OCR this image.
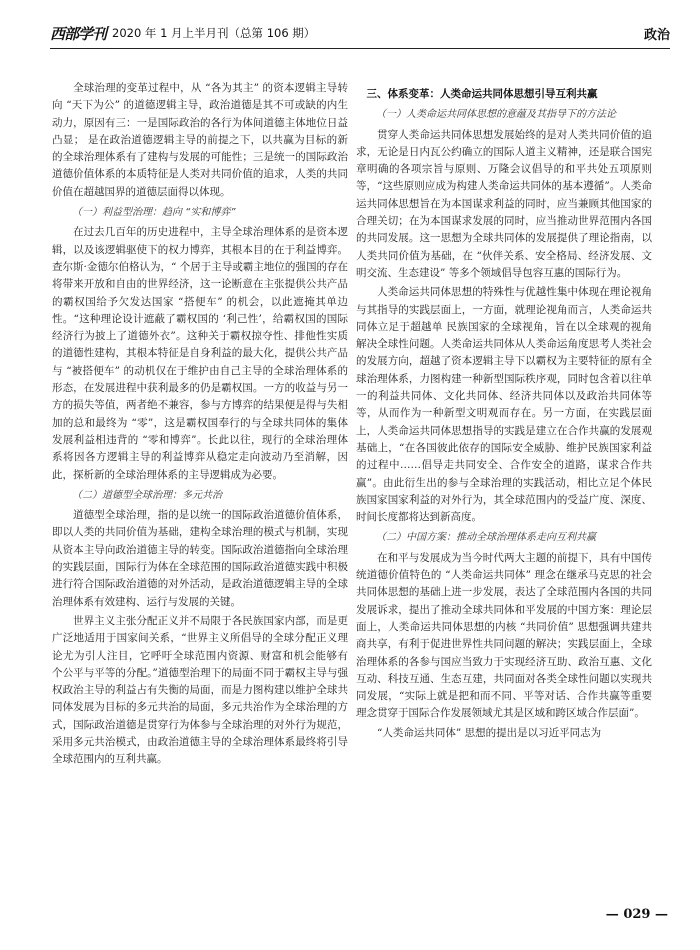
西部学刊 2020 年 1 月上半月刊（总第 106 期）	政治

全球治理的变革过程中，从 “各为其主” 的资本逻辑主导转向 “天下为公” 的道德逻辑主导，政治道德是其不可或缺的内生动力，原因有三：一是国际政治的各行为体间道德主体地位日益凸显； 是在政治道德逻辑主导的前提之下，以共赢为目标的新的全球治理体系有了建构与发展的可能性；三是统一的国际政治道德价值体系的本质特征是人类对共同价值的追求，人类的共同价值在超越国界的道德层面得以体现。

（一）利益型治理：趋向 “实和博弈”

在过去几百年的历史进程中，主导全球治理体系的是资本逻辑，以及该逻辑驱使下的权力博弈，其根本目的在于利益博弈。查尔斯·金德尔伯格认为，“ 个居于主导或霸主地位的强国的存在将带来开放和自由的世界经济，这一论断意在主张提供公共产品的霸权国给予欠发达国家 “搭便车” 的机会，以此遮掩其单边性。“这种理论设计遮蔽了霸权国的 ‘利己性’，给霸权国的国际经济行为披上了道德外衣”。这种关于霸权掠夺性、排他性实质的道德性建构，其根本特征是自身利益的最大化，提供公共产品与 “被搭便车” 的动机仅在于维护由自己主导的全球治理体系的形态，在发展进程中获利最多的仍是霸权国。一方的收益与另一方的损失等值，两者绝不兼容，参与方博弈的结果便是得与失相加的总和最终为 “零”，这是霸权国奉行的与全球共同体的集体发展利益相违背的 “零和博弈”。长此以往，现行的全球治理体系将因各方逻辑主导的利益博弈从稳定走向波动乃至消解，因此，探析新的全球治理体系的主导逻辑成为必要。

（二）道德型全球治理：多元共治

道德型全球治理，指的是以统一的国际政治道德价值体系，即以人类的共同价值为基础，建构全球治理的模式与机制，实现从资本主导向政治道德主导的转变。国际政治道德指向全球治理的实践层面，国际行为体在全球范围的国际政治道德实践中积极进行符合国际政治道德的对外活动，是政治道德逻辑主导的全球治理体系有效建构、运行与发展的关键。

世界主义主张分配正义并不局限于各民族国家内部，而是更广泛地适用于国家间关系，“世界主义所倡导的全球分配正义理论尤为引人注目，它呼吁全球范围内资源、财富和机会能够有 个公平与平等的分配。”道德型治理下的局面不同于霸权主导与强权政治主导的利益占有失衡的局面，而是力图构建以维护全球共同体发展为目标的多元共治的局面，多元共治作为全球治理的方式，国际政治道德是贯穿行为体参与全球治理的对外行为规范，采用多元共治模式，由政治道德主导的全球治理体系最终将引导全球范围内的互利共赢。

三、体系变革：人类命运共同体思想引导互利共赢
（一）人类命运共同体思想的意蕴及其指导下的方法论

贯穿人类命运共同体思想发展始终的是对人类共同价值的追求，无论是日内瓦公约确立的国际人道主义精神，还是联合国宪章明确的各项宗旨与原则、万隆会议倡导的和平共处五项原则等，“这些原则应成为构建人类命运共同体的基本遵循”。人类命运共同体思想旨在为本国谋求利益的同时，应当兼顾其他国家的合理关切；在为本国谋求发展的同时，应当推动世界范围内各国的共同发展。这一思想为全球共同体的发展提供了理论指南，以人类共同价值为基础，在 “伙伴关系、安全格局、经济发展、文明交流、生态建设” 等多个领域倡导包容互惠的国际行为。

人类命运共同体思想的特殊性与优越性集中体现在理论视角与其指导的实践层面上，一方面，就理论视角而言，人类命运共同体立足于超越单 民族国家的全球视角，旨在以全球观的视角解决全球性问题。人类命运共同体从人类命运角度思考人类社会的发展方向，超越了资本逻辑主导下以霸权为主要特征的原有全球治理体系，力图构建一种新型国际秩序观，同时包含着以往单一的利益共同体、文化共同体、经济共同体以及政治共同体等等，从而作为一种新型文明观而存在。另一方面，在实践层面上，人类命运共同体思想指导的实践是建立在合作共赢的发展观基础上，“在各国彼此依存的国际安全威胁、维护民族国家利益的过程中……倡导走共同安全、合作安全的道路，谋求合作共赢”。由此衍生出的参与全球治理的实践活动，相比立足个体民族国家国家利益的对外行为，其全球范围内的受益广度、深度、时间长度都将达到新高度。

（二）中国方案：推动全球治理体系走向互利共赢

在和平与发展成为当今时代两大主题的前提下，具有中国传统道德价值特色的 “人类命运共同体” 理念在继承马克思的社会共同体思想的基础上进一步发展，表达了全球范围内各国的共同发展诉求，提出了推动全球共同体和平发展的中国方案：理论层面上，人类命运共同体思想的内核 “共同价值” 思想强调共建共商共享，有利于促进世界性共同问题的解决；实践层面上，全球治理体系的各参与国应当致力于实现经济互助、政治互惠、文化互动、科技互通、生态互建，共同面对各类全球性问题以实现共同发展，“实际上就是把和而不同、平等对话、合作共赢等重要理念贯穿于国际合作发展领域尤其是区域和跨区域合作层面”。

“人类命运共同体” 思想的提出是以习近平同志为

— 029 —
